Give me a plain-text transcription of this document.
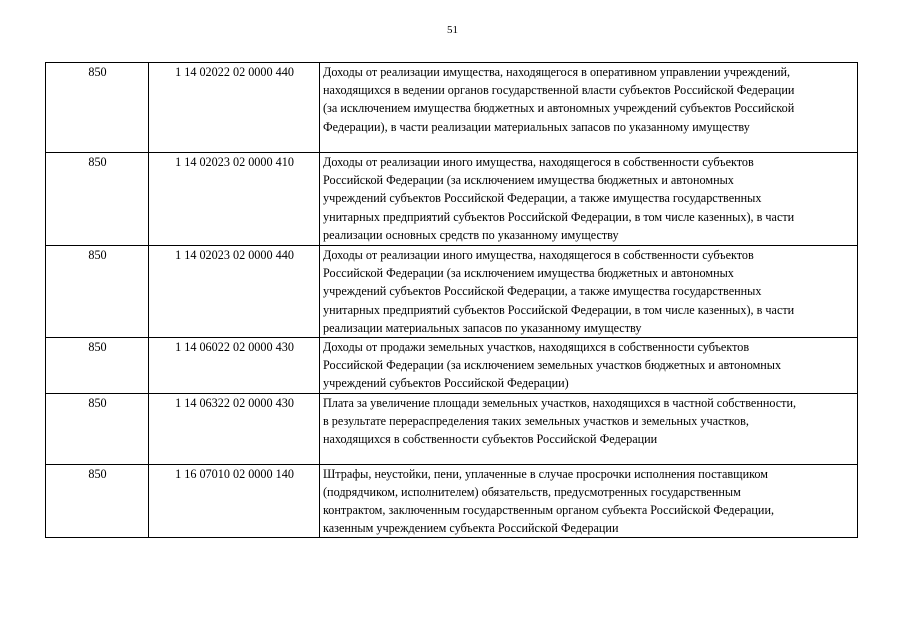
51
850	1 14 02022 02 0000 440	Доходы от реализации имущества, находящегося в оперативном управлении учреждений,
находящихся в ведении органов государственной власти субъектов Российской Федерации
(за исключением имущества бюджетных и автономных учреждений субъектов Российской
Федерации), в части реализации материальных запасов по указанному имуществу

850	1 14 02023 02 0000 410	Доходы от реализации иного имущества, находящегося в собственности субъектов
Российской Федерации (за исключением имущества бюджетных и автономных
учреждений субъектов Российской Федерации, а также имущества государственных
унитарных предприятий субъектов Российской Федерации, в том числе казенных), в части
реализации основных средств по указанному имуществу

850	1 14 02023 02 0000 440	Доходы от реализации иного имущества, находящегося в собственности субъектов
Российской Федерации (за исключением имущества бюджетных и автономных
учреждений субъектов Российской Федерации, а также имущества государственных
унитарных предприятий субъектов Российской Федерации, в том числе казенных), в части
реализации материальных запасов по указанному имуществу

850	1 14 06022 02 0000 430	Доходы от продажи земельных участков, находящихся в собственности субъектов
Российской Федерации (за исключением земельных участков бюджетных и автономных
учреждений субъектов Российской Федерации)

850	1 14 06322 02 0000 430	Плата за увеличение площади земельных участков, находящихся в частной собственности,
в результате перераспределения таких земельных участков и земельных участков,
находящихся в собственности субъектов Российской Федерации

850	1 16 07010 02 0000 140	Штрафы, неустойки, пени, уплаченные в случае просрочки исполнения поставщиком
(подрядчиком, исполнителем) обязательств, предусмотренных государственным
контрактом, заключенным государственным органом субъекта Российской Федерации,
казенным учреждением субъекта Российской Федерации
